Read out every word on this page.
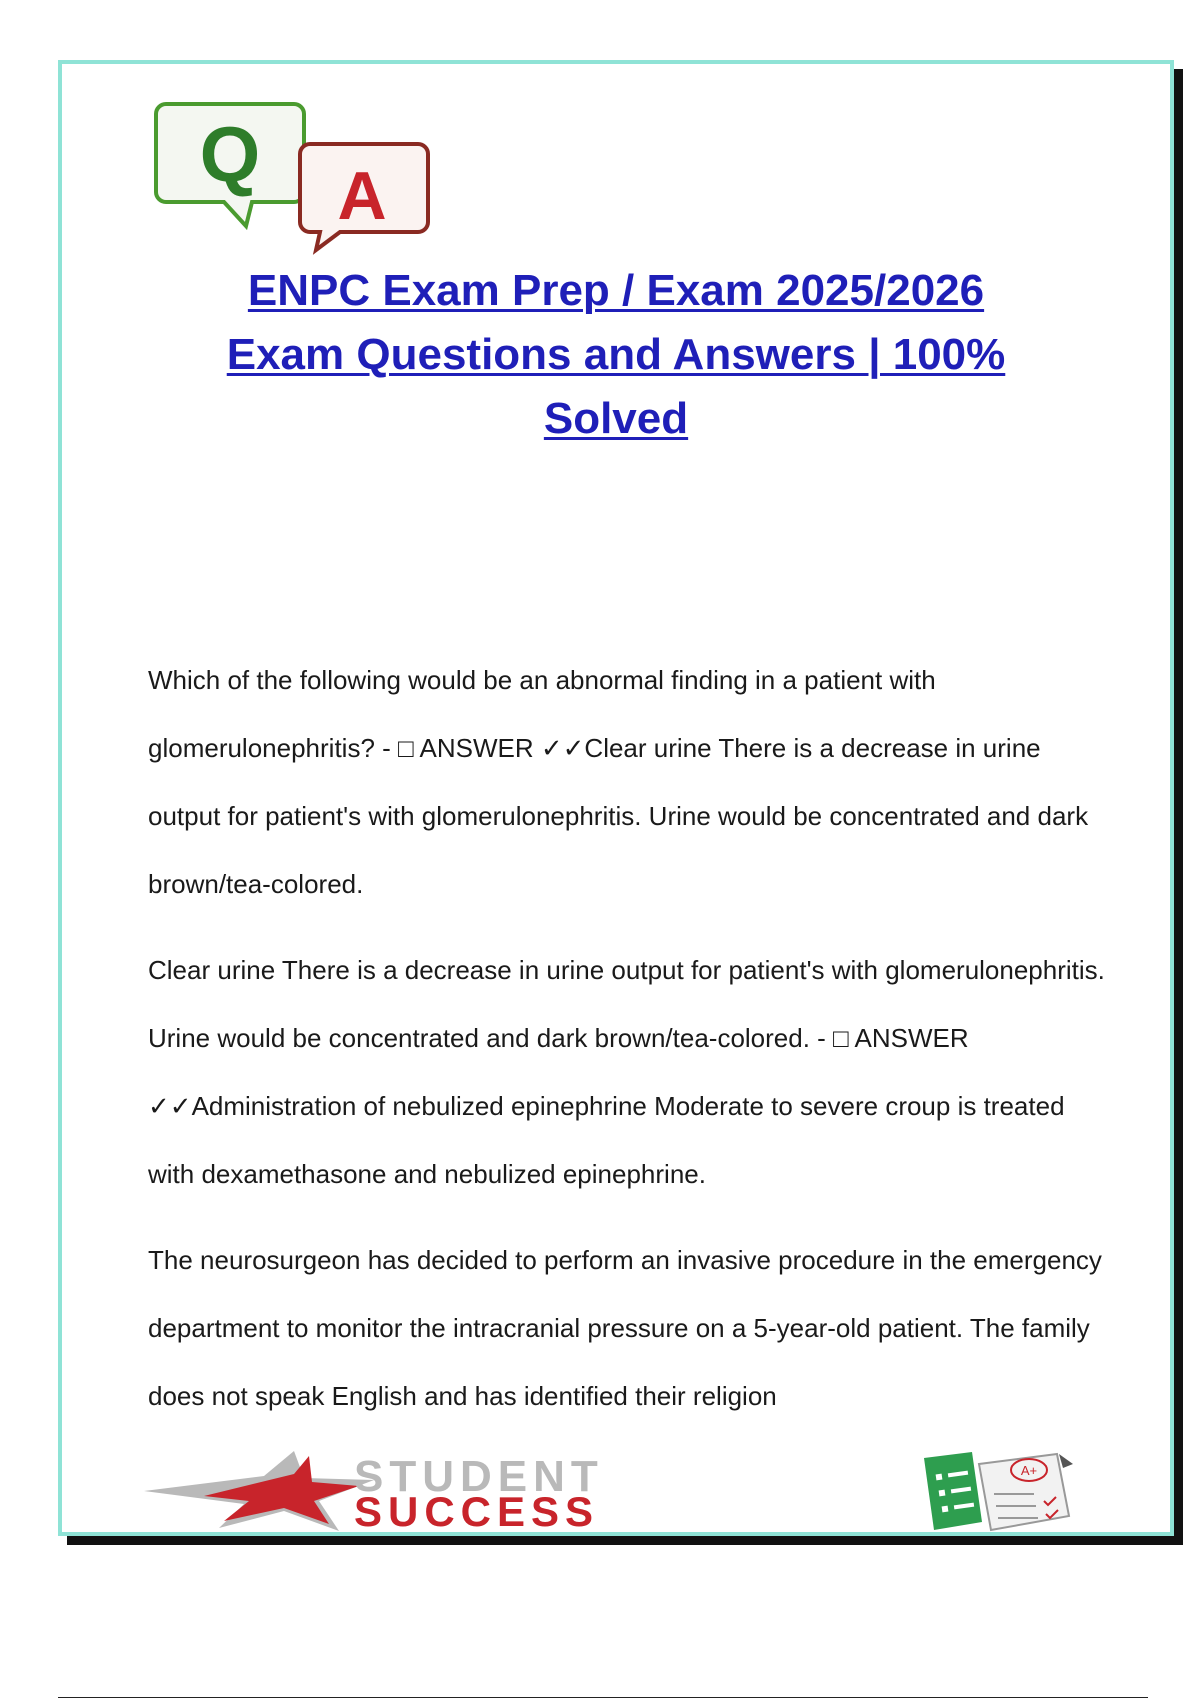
Q A
ENPC Exam Prep / Exam 2025/2026
Exam Questions and Answers | 100%
Solved

Which of the following would be an abnormal finding in a patient with glomerulonephritis? - □ ANSWER ✓✓Clear urine There is a decrease in urine output for patient's with glomerulonephritis. Urine would be concentrated and dark brown/tea-colored.

Clear urine There is a decrease in urine output for patient's with glomerulonephritis. Urine would be concentrated and dark brown/tea-colored. - □ ANSWER ✓✓Administration of nebulized epinephrine Moderate to severe croup is treated with dexamethasone and nebulized epinephrine.

The neurosurgeon has decided to perform an invasive procedure in the emergency department to monitor the intracranial pressure on a 5-year-old patient. The family does not speak English and has identified their religion

STUDENT
SUCCESS
A+
